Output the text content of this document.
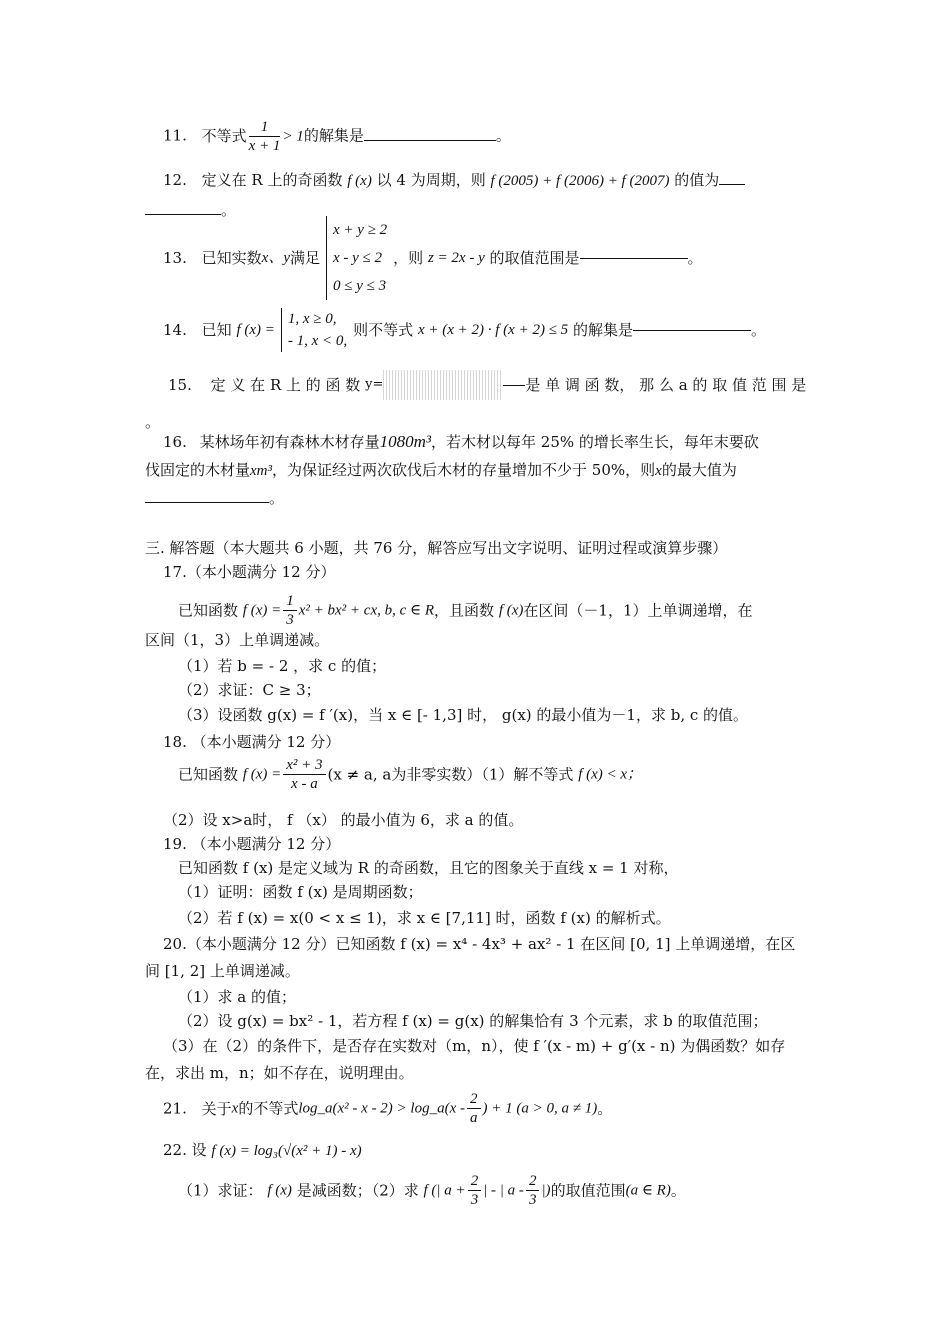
11. 不等式 $\frac{1}{x + 1} > 1$的解集是	。
12. 定义在 R 上的奇函数 f (x) 以 4 为周期，则 f (2005) + f (2006) + f (2007) 的值为
。
13. 已知实数x、y满足
x + y ≥ 2
x - y ≤ 2
0 ≤ y ≤ 3
，则 z = 2x - y 的取值范围是	。
14. 已知 f (x) =
1, x ≥ 0,
- 1, x < 0,
则不等式 x + (x + 2) · f (x + 2) ≤ 5 的解集是	。
15. 定 义 在 R 上 的 函 数 y=	是 单 调 函 数， 那 么 a 的 取 值 范 围 是
。
16. 某林场年初有森林木材存量1080m³，若木材以每年 25% 的增长率生长，每年末要砍
伐固定的木材量xm³，为保证经过两次砍伐后木材的存量增加不少于 50%，则x的最大值为
。
三. 解答题（本大题共 6 小题，共 76 分，解答应写出文字说明、证明过程或演算步骤）
17.（本小题满分 12 分）
已知函数 f $(x) = \frac{1}{3} x^2 + bx^2$ + cx, b, c ∈ R，且函数 f (x)在区间（－1，1）上单调递增，在
区间（1，3）上单调递减。
（1）若 b = - 2 ，求 c 的值；
（2）求证：C ≥ 3；
（3）设函数 g(x) = f ′(x)，当 x ∈ [- 1,3] 时， g(x) 的最小值为－1，求 b, c 的值。
18. （本小题满分 12 分）
已知函数 f $(x) = \frac{\text{x² + 3}}{x - a} (x \ne a$, a为非零实数）（1）解不等式 f (x) < x；
（2）设 x>a时， f （x） 的最小值为 6，求 a 的值。
19. （本小题满分 12 分）
已知函数 f (x) 是定义域为 R 的奇函数，且它的图象关于直线 x = 1 对称，
（1）证明：函数 f (x) 是周期函数；
（2）若 f (x) = x(0 < x ≤ 1)，求 x ∈ [7,11] 时，函数 f (x) 的解析式。
20.（本小题满分 12 分）已知函数 f (x) = x⁴ - 4x³ + ax² - 1 在区间 [0, 1] 上单调递增，在区
间 [1, 2] 上单调递减。
（1）求 a 的值；
（2）设 g(x) = bx² - 1，若方程 f (x) = g(x) 的解集恰有 3 个元素，求 b 的取值范围；
（3）在（2）的条件下，是否存在实数对（m，n），使 f ′(x - m) + g′(x - n) 为偶函数？如存
在，求出 m，n；如不存在，说明理由。
21. 关于x的不等式log_a(x² - x - 2) > log_a(x - $\frac{2}{a}$ ) + 1 (a > 0, a ≠ 1)。
22. 设 f (x) = log₃(√(x² + 1) - x)
（1）求证： f (x) 是减函数；（2）求 f (| $a + \frac{2}{3}$ | - | a - $\frac{2}{3}$ |)的取值范围(a ∈ R)。
